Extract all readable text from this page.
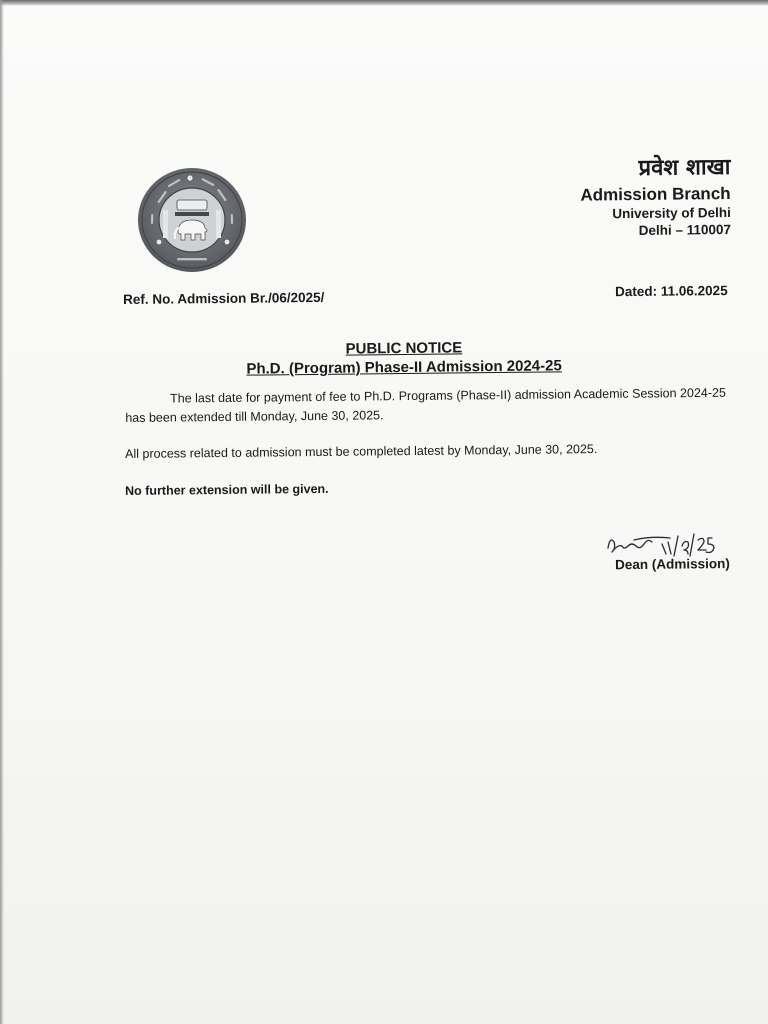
प्रवेश शाखा
Admission Branch
University of Delhi
Delhi – 110007
Ref. No. Admission Br./06/2025/	Dated: 11.06.2025
PUBLIC NOTICE
Ph.D. (Program) Phase-II Admission 2024-25
The last date for payment of fee to Ph.D. Programs (Phase-II) admission Academic Session 2024-25 has been extended till Monday, June 30, 2025.
All process related to admission must be completed latest by Monday, June 30, 2025.
No further extension will be given.
Dean (Admission)
